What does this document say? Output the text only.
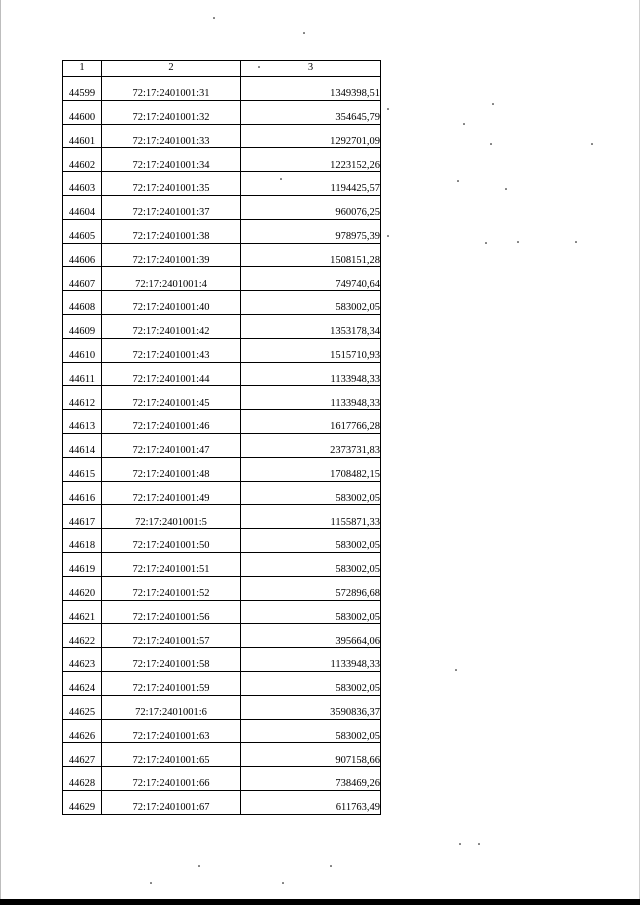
1	2	3
44599	72:17:2401001:31	1349398,51
44600	72:17:2401001:32	354645,79
44601	72:17:2401001:33	1292701,09
44602	72:17:2401001:34	1223152,26
44603	72:17:2401001:35	1194425,57
44604	72:17:2401001:37	960076,25
44605	72:17:2401001:38	978975,39
44606	72:17:2401001:39	1508151,28
44607	72:17:2401001:4	749740,64
44608	72:17:2401001:40	583002,05
44609	72:17:2401001:42	1353178,34
44610	72:17:2401001:43	1515710,93
44611	72:17:2401001:44	1133948,33
44612	72:17:2401001:45	1133948,33
44613	72:17:2401001:46	1617766,28
44614	72:17:2401001:47	2373731,83
44615	72:17:2401001:48	1708482,15
44616	72:17:2401001:49	583002,05
44617	72:17:2401001:5	1155871,33
44618	72:17:2401001:50	583002,05
44619	72:17:2401001:51	583002,05
44620	72:17:2401001:52	572896,68
44621	72:17:2401001:56	583002,05
44622	72:17:2401001:57	395664,06
44623	72:17:2401001:58	1133948,33
44624	72:17:2401001:59	583002,05
44625	72:17:2401001:6	3590836,37
44626	72:17:2401001:63	583002,05
44627	72:17:2401001:65	907158,66
44628	72:17:2401001:66	738469,26
44629	72:17:2401001:67	611763,49
